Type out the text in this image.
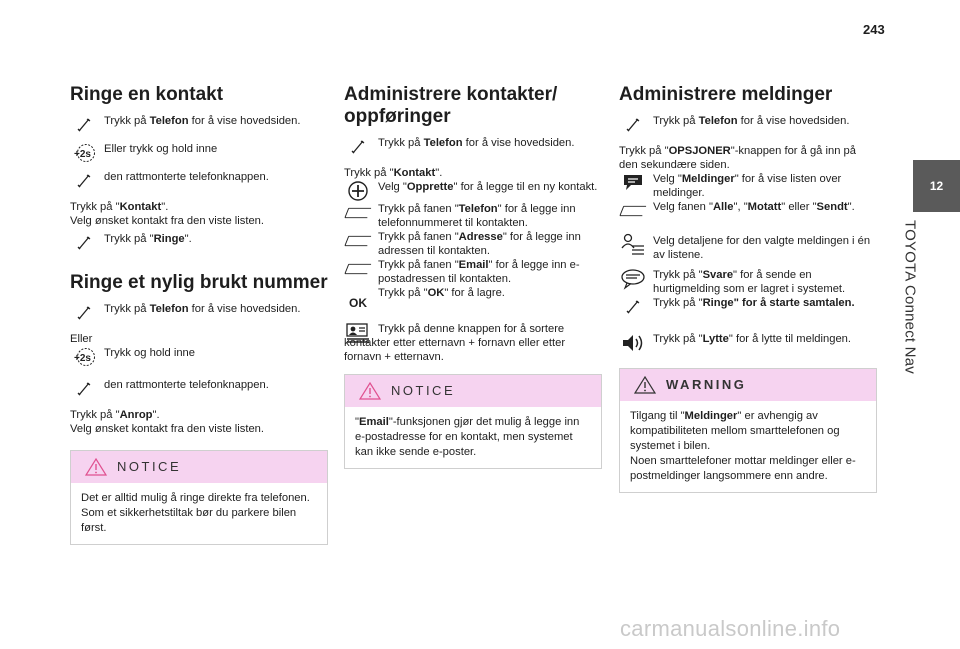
243
12
TOYOTA Connect Nav
Ringe en kontakt
Trykk på Telefon for å vise hovedsiden.
+2s Eller trykk og hold inne
den rattmonterte telefonknappen.

Trykk på "Kontakt".
Velg ønsket kontakt fra den viste listen.

Trykk på "Ringe".
Ringe et nylig brukt nummer
Trykk på Telefon for å vise hovedsiden.

Eller

+2s Trykk og hold inne
den rattmonterte telefonknappen.

Trykk på "Anrop".
Velg ønsket kontakt fra den viste listen.

NOTICE
Det er alltid mulig å ringe direkte fra telefonen. Som et sikkerhetstiltak bør du parkere bilen først.
Administrere kontakter/ oppføringer
Trykk på Telefon for å vise hovedsiden.

Trykk på "Kontakt".

Velg "Opprette" for å legge til en ny kontakt.
Trykk på fanen "Telefon" for å legge inn telefonnummeret til kontakten.
Trykk på fanen "Adresse" for å legge inn adressen til kontakten.
Trykk på fanen "Email" for å legge inn e-postadressen til kontakten.
OK
Trykk på "OK" for å lagre.
Trykk på denne knappen for å sortere kontakter etter etternavn + fornavn eller etter fornavn + etternavn.
NOTICE
"Email"-funksjonen gjør det mulig å legge inn e-postadresse for en kontakt, men systemet kan ikke sende e-poster.
Administrere meldinger
Trykk på Telefon for å vise hovedsiden.

Trykk på "OPSJONER"-knappen for å gå inn på den sekundære siden.

Velg "Meldinger" for å vise listen over meldinger.
Velg fanen "Alle", "Motatt" eller "Sendt".
Velg detaljene for den valgte meldingen i én av listene.
Trykk på "Svare" for å sende en hurtigmelding som er lagret i systemet.
Trykk på "Ringe" for å starte samtalen.
Trykk på "Lytte" for å lytte til meldingen.
WARNING
Tilgang til "Meldinger" er avhengig av kompatibiliteten mellom smarttelefonen og systemet i bilen.
Noen smarttelefoner mottar meldinger eller e-postmeldinger langsommere enn andre.
carmanualsonline.info
